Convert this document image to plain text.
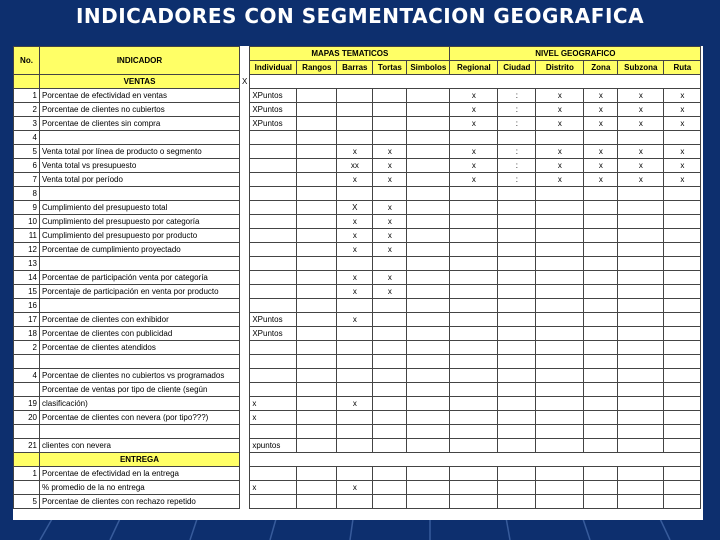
INDICADORES CON SEGMENTACION GEOGRAFICA
No.	INDICADOR		MAPAS TEMATICOS					NIVEL GEOGRAFICO					
			Individual	Rangos	Barras	Tortas	Simbolos	Regional	Ciudad	Distrito	Zona	Subzona	Ruta
	VENTAS	X											
1	Porcentae de efectividad en ventas		XPuntos					x	:	x	x	x	x
2	Porcentae de clientes no cubiertos		XPuntos					x	:	x	x	x	x
3	Porcentae de clientes sin compra		XPuntos					x	:	x	x	x	x
4													
5	Venta total por línea de producto o segmento				x	x		x	:	x	x	x	x
6	Venta total vs presupuesto				xx	x		x	:	x	x	x	x
7	Venta total por período				x	x		x	:	x	x	x	x
8													
9	Cumplimiento del presupuesto total				X	x							
10	Cumplimiento del presupuesto por categoría				x	x							
11	Cumplimiento del presupuesto por producto				x	x							
12	Porcentae de cumplimiento proyectado				x	x							
13													
14	Porcentae de participación venta por categoría				x	x							
15	Porcentaje de participación en venta por producto				x	x							
16													
17	Porcentae de clientes con exhibidor		XPuntos		x								
18	Porcentae de clientes con publicidad		XPuntos										
2	Porcentae de clientes atendidos												

4	Porcentae de clientes no cubiertos vs programados												
	Porcentae de ventas por tipo de cliente (según												
19	clasificación)		x		x								
20	Porcentae de clientes con nevera (por tipo???)		x										

21	clientes con nevera		xpuntos										
	ENTREGA												
1	Porcentae de efectividad en la entrega												
	% promedio de la no entrega		x		x								
5	Porcentae de clientes con rechazo repetido												
